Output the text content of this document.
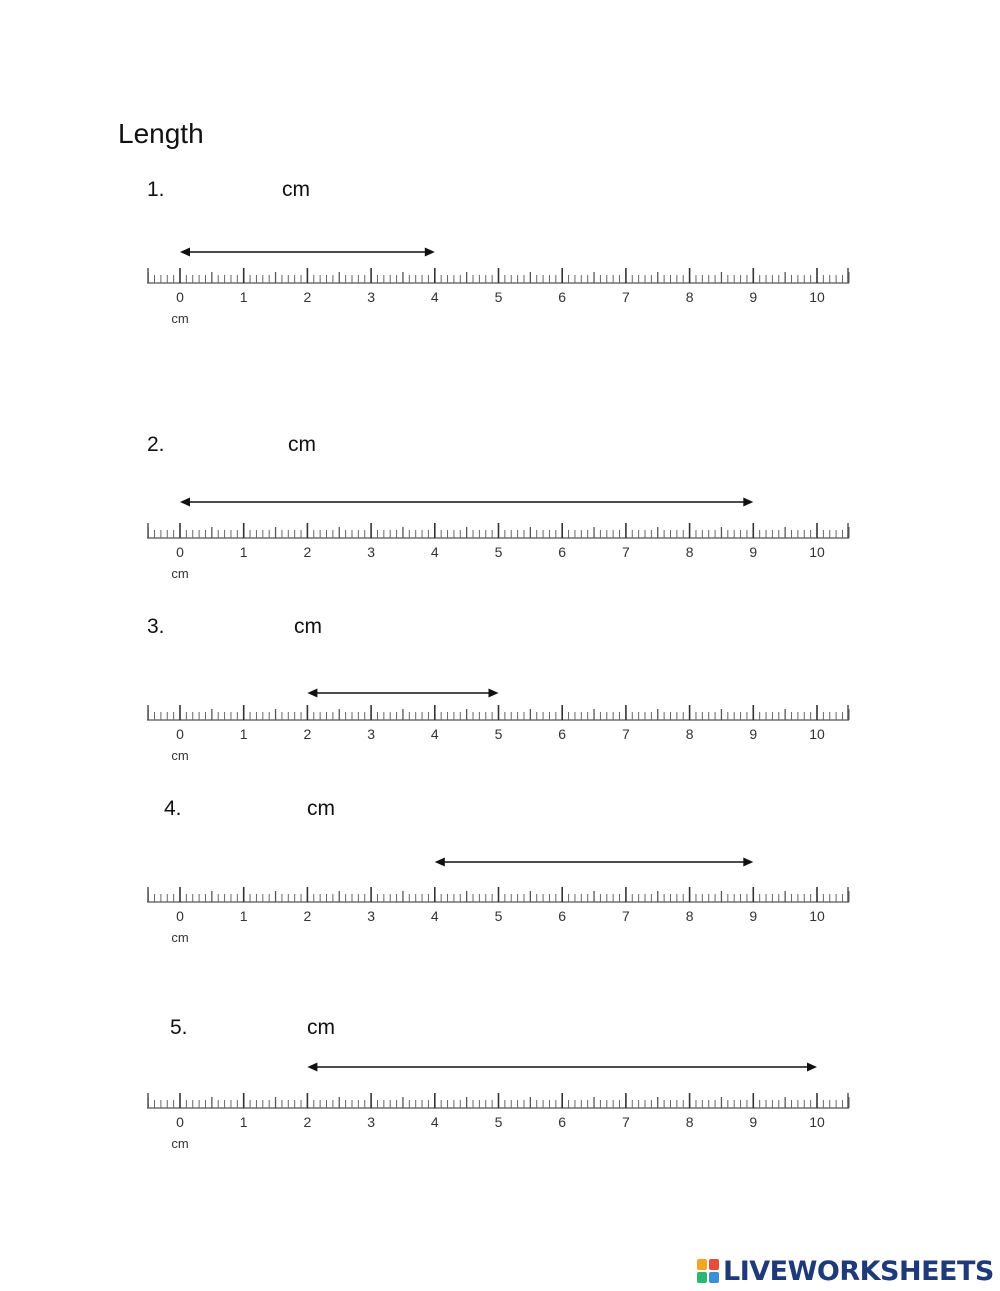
Length
1.	cm
2.	cm
3.	cm
4.	cm
5.	cm
0	1	2	3	4	5	6	7	8	9	10
cm
0	1	2	3	4	5	6	7	8	9	10
cm
0	1	2	3	4	5	6	7	8	9	10
cm
0	1	2	3	4	5	6	7	8	9	10
cm
0	1	2	3	4	5	6	7	8	9	10
cm
LIVEWORKSHEETS
